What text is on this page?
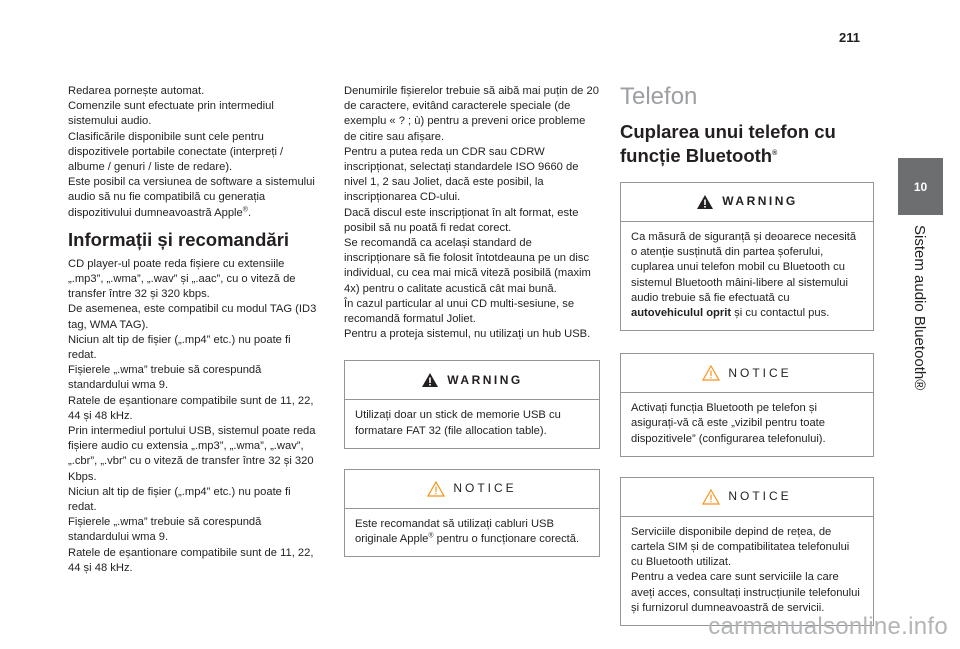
211
10
Sistem audio Bluetooth®

Redarea pornește automat.
Comenzile sunt efectuate prin intermediul sistemului audio.
Clasificările disponibile sunt cele pentru dispozitivele portabile conectate (interpreți / albume / genuri / liste de redare).
Este posibil ca versiunea de software a sistemului audio să nu fie compatibilă cu generația dispozitivului dumneavoastră Apple®.

Informații și recomandări

CD player-ul poate reda fișiere cu extensiile „.mp3”, „.wma”, „.wav” și „.aac”, cu o viteză de transfer între 32 și 320 kbps.
De asemenea, este compatibil cu modul TAG (ID3 tag, WMA TAG).
Niciun alt tip de fișier („.mp4” etc.) nu poate fi redat.
Fișierele „.wma” trebuie să corespundă standardului wma 9.
Ratele de eșantionare compatibile sunt de 11, 22, 44 și 48 kHz.
Prin intermediul portului USB, sistemul poate reda fișiere audio cu extensia „.mp3”, „.wma”, „.wav”, „.cbr”, „.vbr” cu o viteză de transfer între 32 și 320 Kbps.
Niciun alt tip de fișier („.mp4” etc.) nu poate fi redat.
Fișierele „.wma” trebuie să corespundă standardului wma 9.
Ratele de eșantionare compatibile sunt de 11, 22, 44 și 48 kHz.

Denumirile fișierelor trebuie să aibă mai puțin de 20 de caractere, evitând caracterele speciale (de exemplu « ? ; ù) pentru a preveni orice probleme de citire sau afișare.
Pentru a putea reda un CDR sau CDRW inscripționat, selectați standardele ISO 9660 de nivel 1, 2 sau Joliet, dacă este posibil, la inscripționarea CD-ului.
Dacă discul este inscripționat în alt format, este posibil să nu poată fi redat corect.
Se recomandă ca același standard de inscripționare să fie folosit întotdeauna pe un disc individual, cu cea mai mică viteză posibilă (maxim 4x) pentru o calitate acustică cât mai bună.
În cazul particular al unui CD multi-sesiune, se recomandă formatul Joliet.
Pentru a proteja sistemul, nu utilizați un hub USB.

WARNING
Utilizați doar un stick de memorie USB cu formatare FAT 32 (file allocation table).
NOTICE
Este recomandat să utilizați cabluri USB originale Apple® pentru o funcționare corectă.
Telefon
Cuplarea unui telefon cu funcție Bluetooth®
WARNING
Ca măsură de siguranță și deoarece necesită o atenție susținută din partea șoferului, cuplarea unui telefon mobil cu Bluetooth cu sistemul Bluetooth mâini-libere al sistemului audio trebuie să fie efectuată cu autovehiculul oprit și cu contactul pus.
NOTICE
Activați funcția Bluetooth pe telefon și asigurați-vă că este „vizibil pentru toate dispozitivele” (configurarea telefonului).
NOTICE
Serviciile disponibile depind de rețea, de cartela SIM și de compatibilitatea telefonului cu Bluetooth utilizat.
Pentru a vedea care sunt serviciile la care aveți acces, consultați instrucțiunile telefonului și furnizorul dumneavoastră de servicii.
carmanualsonline.info
